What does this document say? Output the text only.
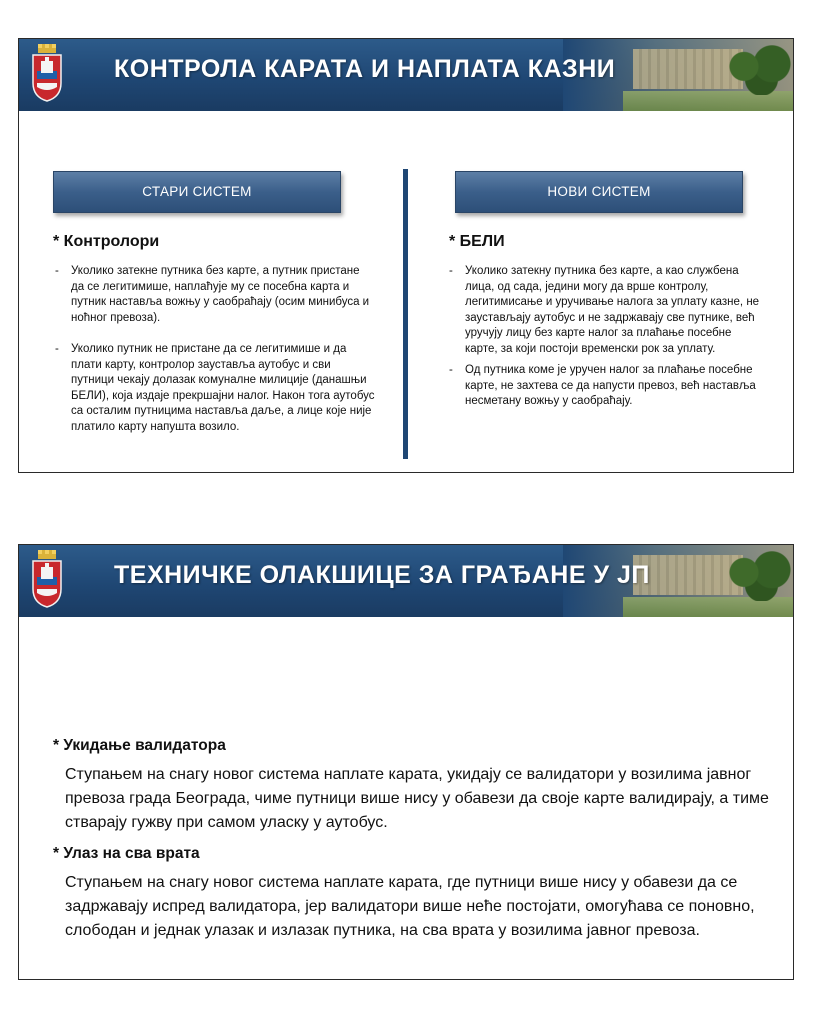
КОНТРОЛА КАРАТА И НАПЛАТА КАЗНИ
СТАРИ СИСТЕМ	НОВИ СИСТЕМ
* Контролори
- Уколико затекне путника без карте, а путник пристане да се легитимише, наплаћује му се посебна карта и путник наставља вожњу у саобраћају (осим минибуса и ноћног превоза).
- Уколико путник не пристане да се легитимише и да плати карту, контролор зауставља аутобус и сви путници чекају долазак комуналне милиције (данашњи БЕЛИ), која издаје прекршајни налог. Након тога аутобус са осталим путницима наставља даље, а лице које није платило карту напушта возило.
* БЕЛИ
- Уколико затекну путника без карте, а као службена лица, од сада, једини могу да врше контролу, легитимисање и уручивање налога за уплату казне, не заустављају аутобус и не задржавају све путнике, већ уручују лицу без карте налог за плаћање посебне карте, за који постоји временски рок за уплату.
- Од путника коме је уручен налог за плаћање посебне карте, не захтева се да напусти превоз, већ наставља несметану вожњу у саобраћају.
ТЕХНИЧКЕ ОЛАКШИЦЕ ЗА ГРАЂАНЕ У ЈП
* Укидање валидатора
Ступањем на снагу новог система наплате карата, укидају се валидатори у возилима јавног превоза града Београда, чиме путници више нису у обавези да своје карте валидирају, а тиме стварају гужву при самом уласку у аутобус.
* Улаз на сва врата
Ступањем на снагу новог система наплате карата, где путници више нису у обавези да се задржавају испред валидатора, јер валидатори више неће постојати, омогућава се поновно, слободан и једнак улазак и излазак путника, на сва врата у возилима јавног превоза.
